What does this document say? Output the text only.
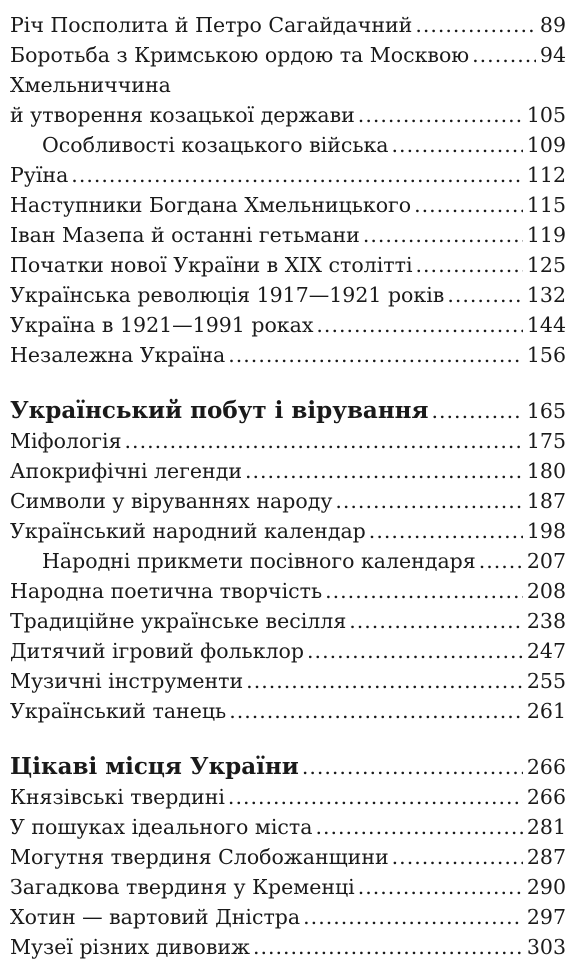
Річ Посполита й Петро Сагайдачний .....	89
Боротьба з Кримською ордою та Москвою .....	94
Хмельниччина
й утворення козацької держави .....	105
Особливості козацького війська .....	109
Руїна .....	112
Наступники Богдана Хмельницького .....	115
Іван Мазепа й останні гетьмани .....	119
Початки нової України в ХІХ столітті .....	125
Українська революція 1917—1921 років .....	132
Україна в 1921—1991 роках .....	144
Незалежна Україна .....	156
Український побут і вірування .....	165
Міфологія .....	175
Апокрифічні легенди .....	180
Символи у віруваннях народу .....	187
Український народний календар .....	198
Народні прикмети посівного календаря ..... 207
Народна поетична творчість .....	208
Традиційне українське весілля .....	238
Дитячий ігровий фольклор .....	247
Музичні інструменти .....	255
Український танець .....	261
Цікаві місця України .....	266
Князівські твердині .....	266
У пошуках ідеального міста .....	281
Могутня твердиня Слобожанщини .....	287
Загадкова твердиня у Кременці .....	290
Хотин — вартовий Дністра .....	297
Музеї різних дивовиж .....	303
